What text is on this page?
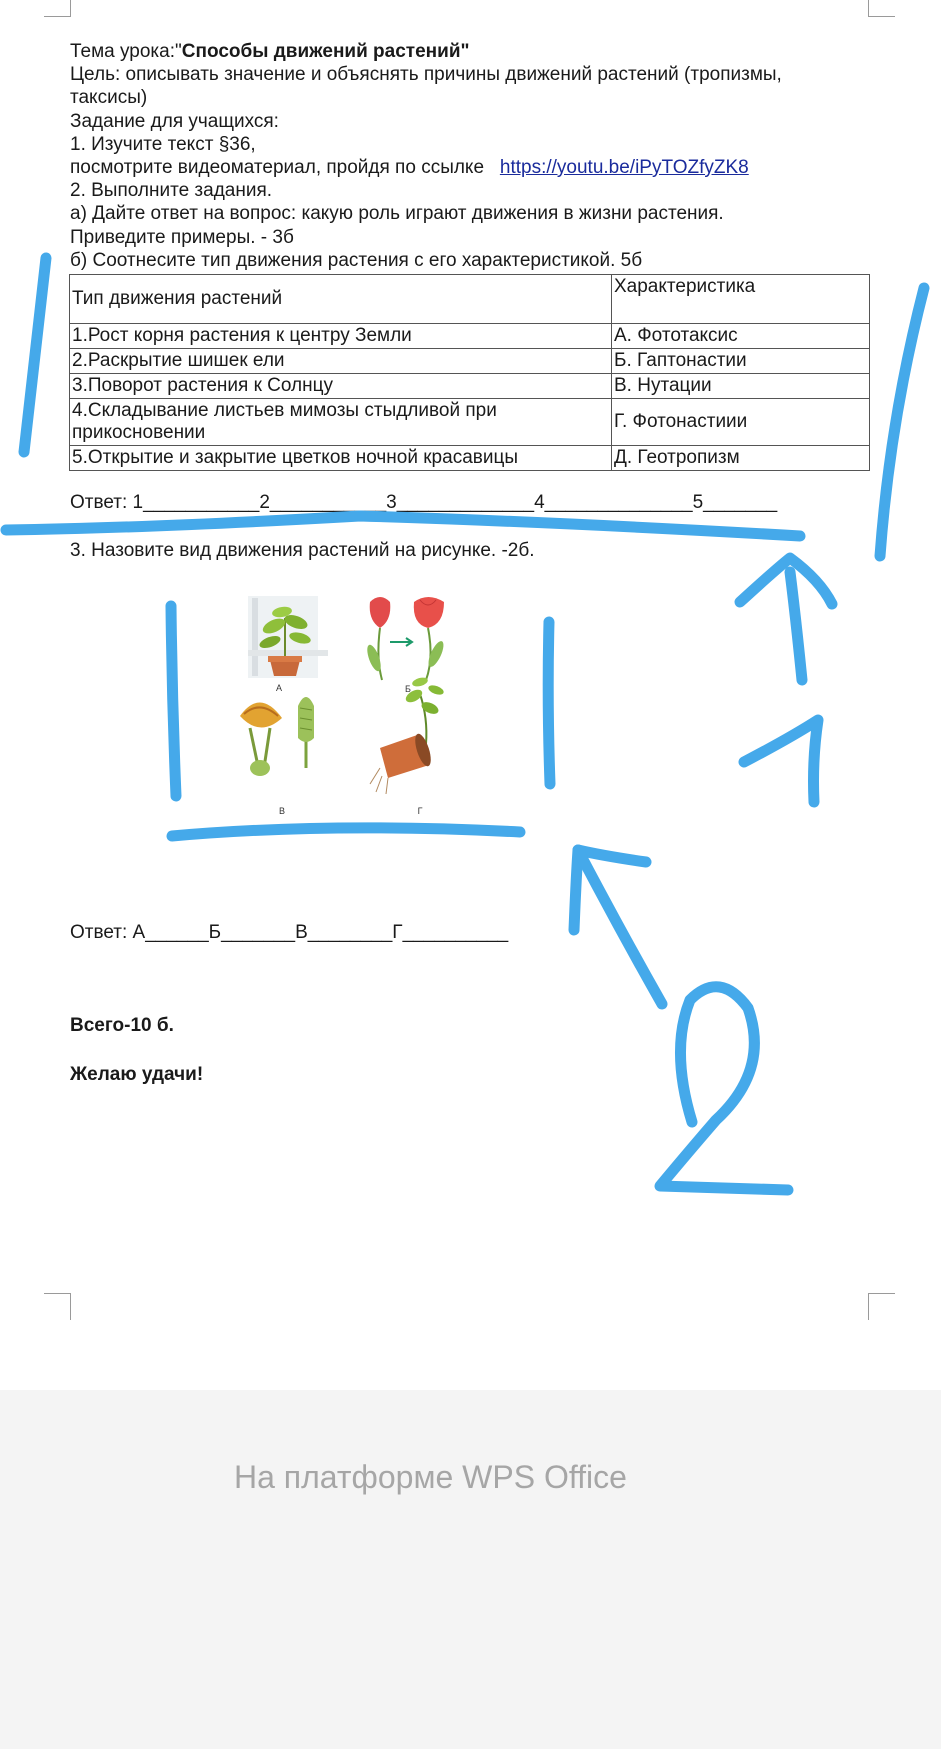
Тема урока:"Способы движений растений"
Цель: описывать значение и объяснять причины движений растений (тропизмы,
таксисы)
Задание для учащихся:
1. Изучите текст §36,
посмотрите видеоматериал, пройдя по ссылке https://youtu.be/iPyTOZfyZK8
2. Выполните задания.
а) Дайте ответ на вопрос: какую роль играют движения в жизни растения.
Приведите примеры. - 3б
б) Соотнесите тип движения растения с его характеристикой. 5б
Тип движения растений	Характеристика
1.Рост корня растения к центру Земли	А. Фототаксис
2.Раскрытие шишек ели	Б. Гаптонастии
3.Поворот растения к Солнцу	В. Нутации

4.Складывание листьев мимозы стыдливой при
прикосновении	Г. Фотонастиии
5.Открытие и закрытие цветков ночной красавицы	Д. Геотропизм
Ответ: 1___________2___________3_____________4______________5_______
3. Назовите вид движения растений на рисунке. -2б.
А	Б
В	Г
Ответ: А______Б_______В________Г__________
Всего-10 б.
Желаю удачи!
На платформе WPS Office
